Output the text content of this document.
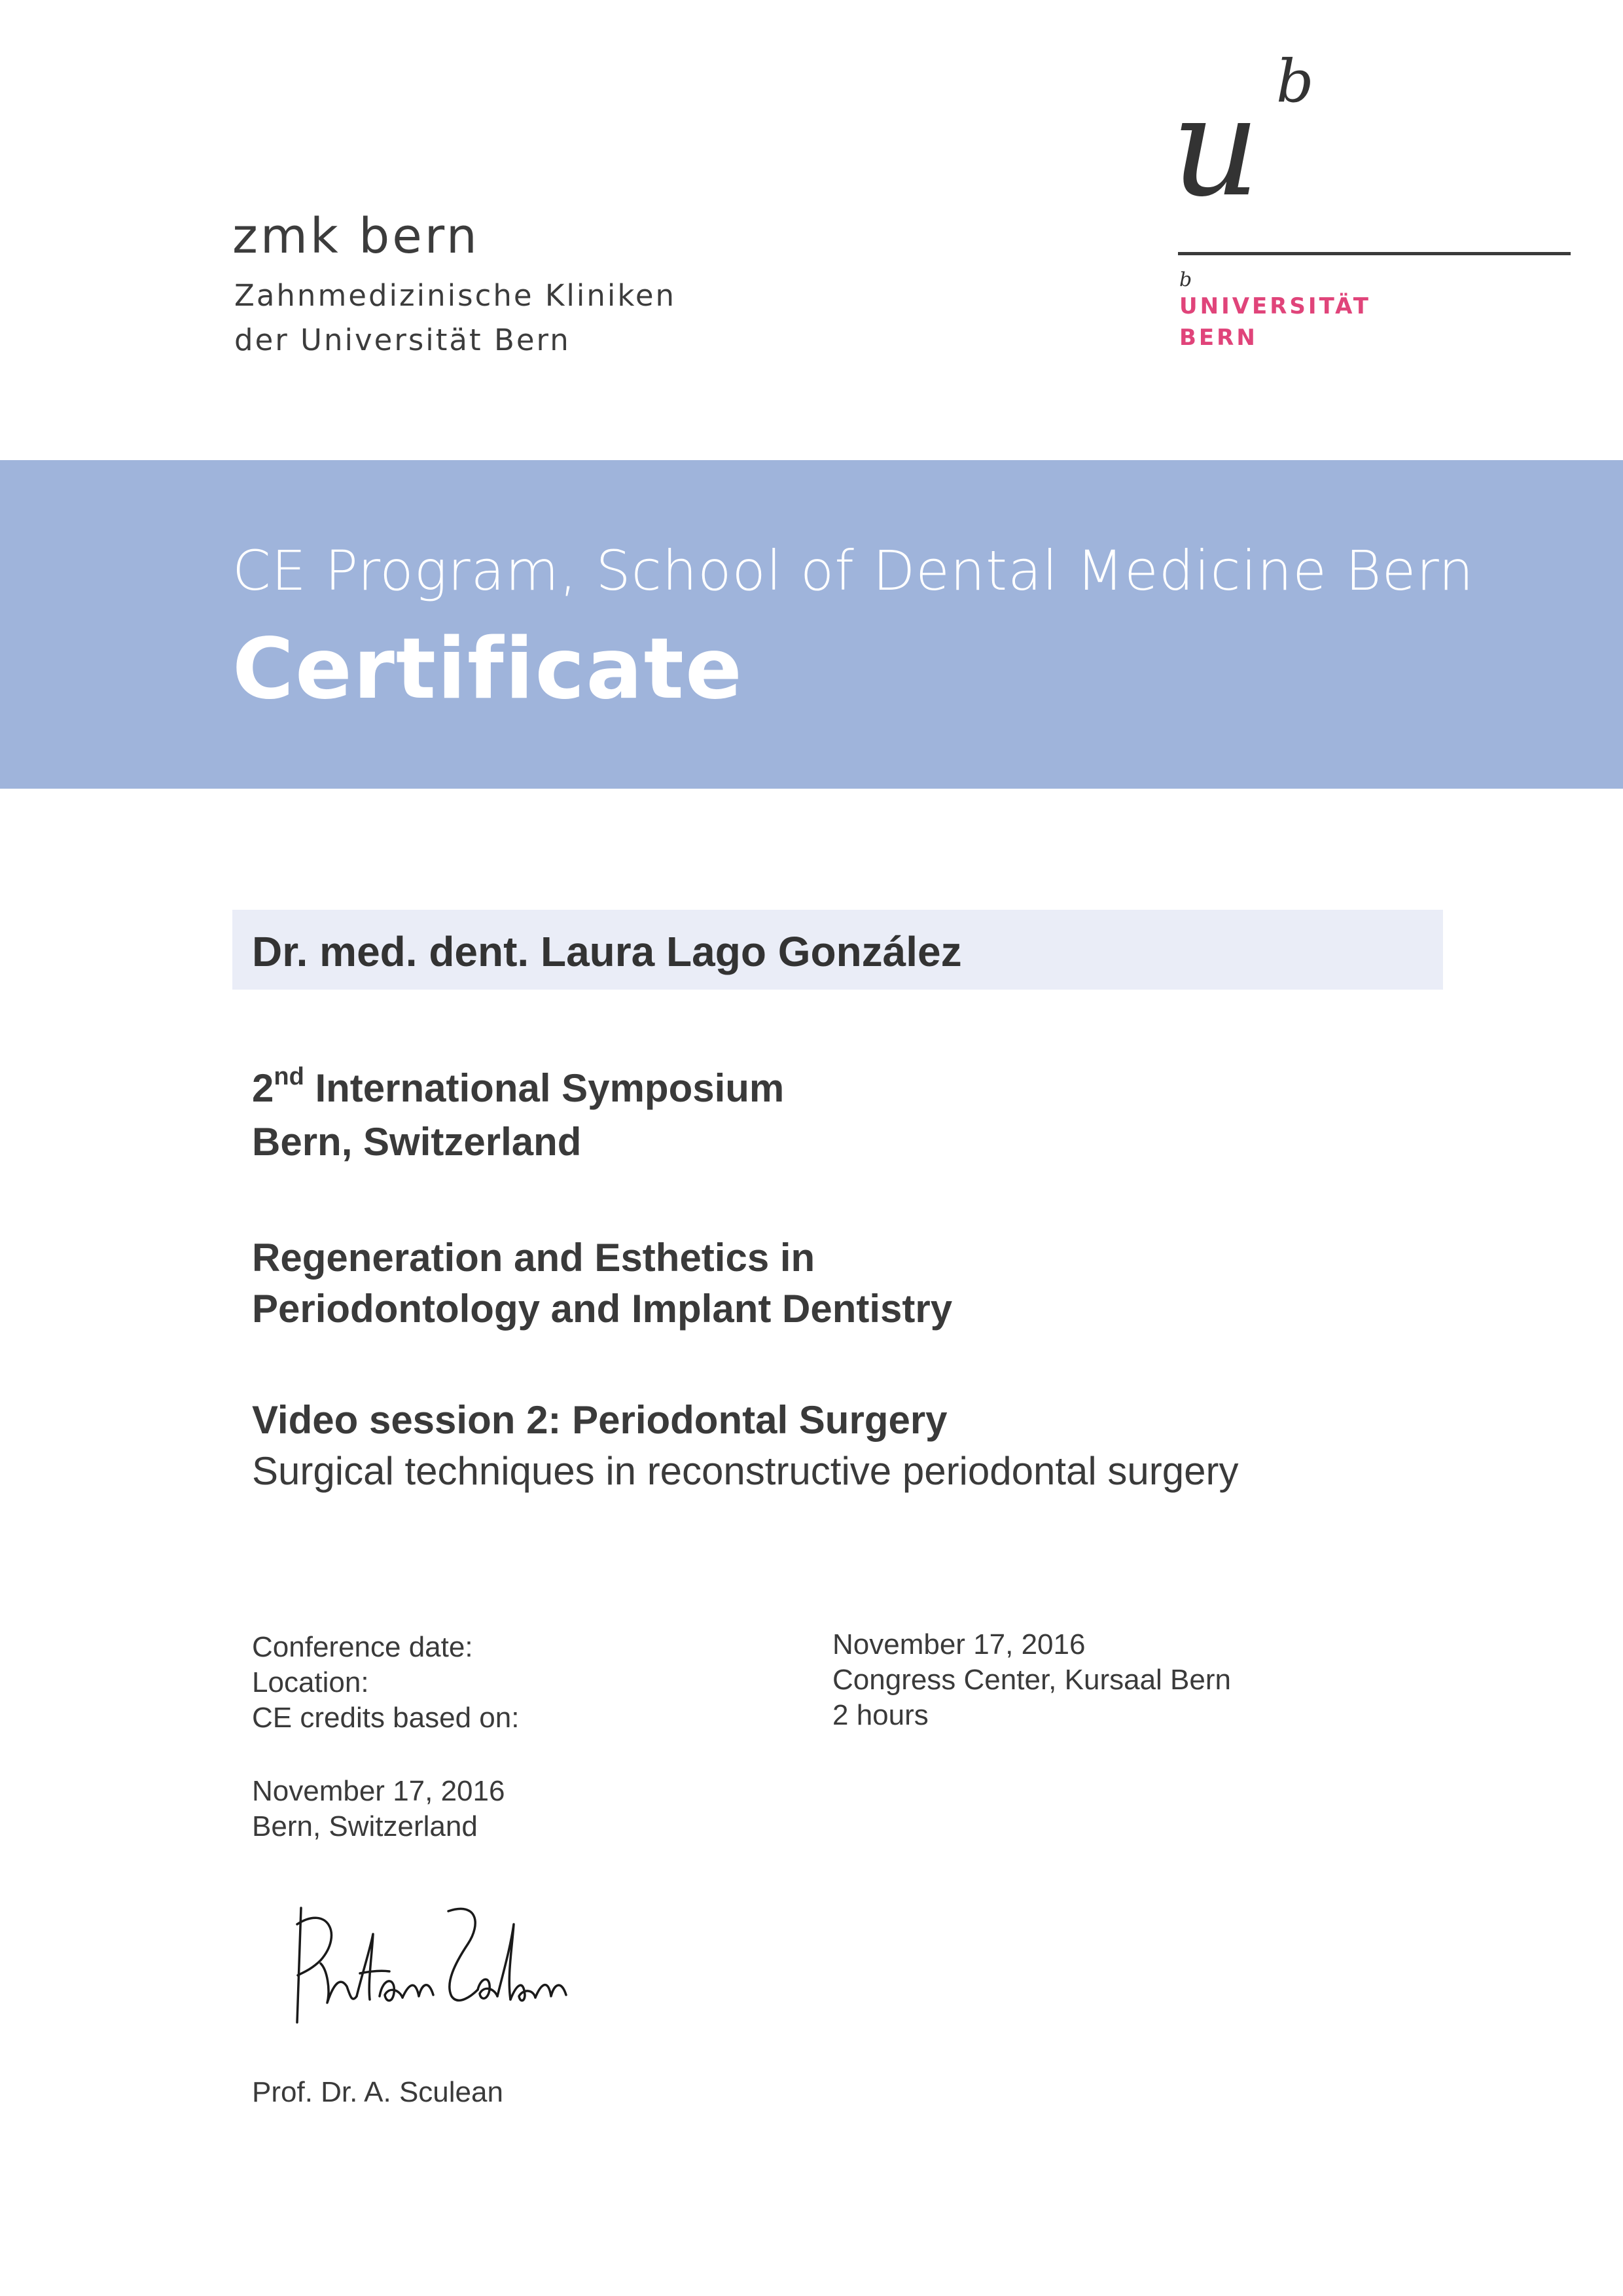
zmk bern
Zahnmedizinische Kliniken
der Universität Bern
u b
b
UNIVERSITÄT
BERN
CE Program, School of Dental Medicine Bern
Certificate
Dr. med. dent. Laura Lago González
2nd International Symposium
Bern, Switzerland
Regeneration and Esthetics in
Periodontology and Implant Dentistry
Video session 2: Periodontal Surgery
Surgical techniques in reconstructive periodontal surgery
Conference date:
Location:
CE credits based on:
November 17, 2016
Congress Center, Kursaal Bern
2 hours
November 17, 2016
Bern, Switzerland
Prof. Dr. A. Sculean
